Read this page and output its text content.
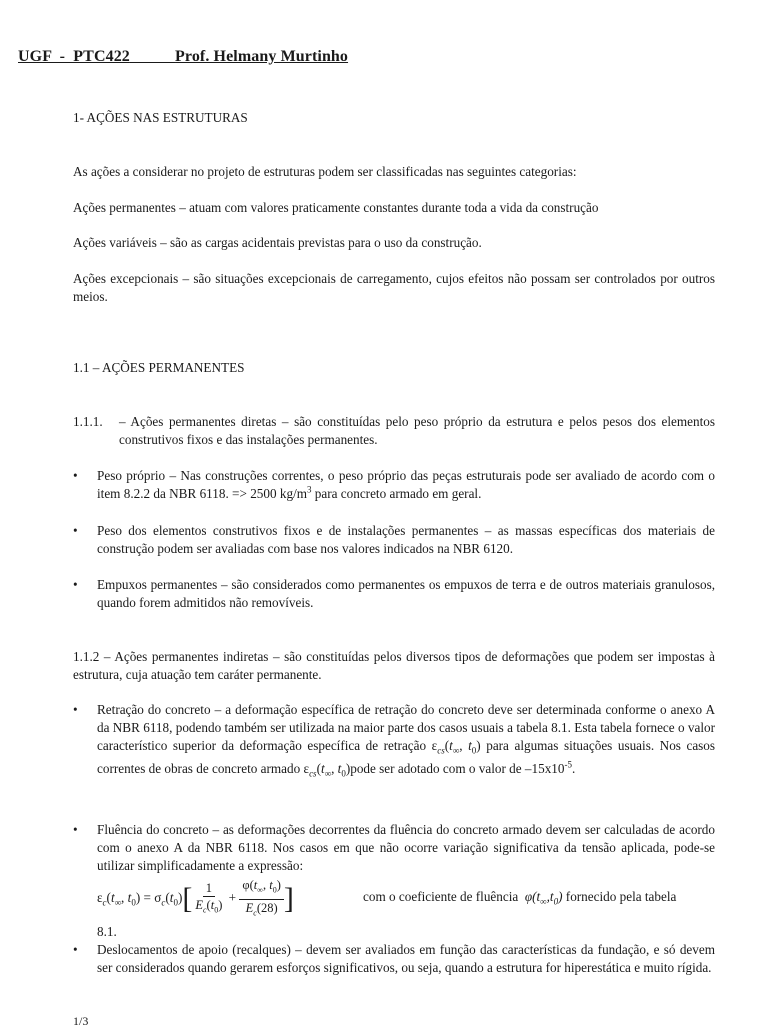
UGF  -  PTC422	Prof. Helmany Murtinho
1- AÇÕES NAS ESTRUTURAS
As ações a considerar no projeto de estruturas podem ser classificadas nas seguintes categorias:
Ações permanentes – atuam com valores praticamente constantes durante toda a vida da construção
Ações variáveis – são as cargas acidentais previstas para o uso da construção.
Ações excepcionais – são situações excepcionais de carregamento, cujos efeitos não possam ser controlados por outros meios.
1.1 – AÇÕES PERMANENTES
1.1.1.	– Ações permanentes diretas – são constituídas pelo peso próprio da estrutura e pelos pesos dos elementos construtivos fixos e das instalações permanentes.
• Peso próprio – Nas construções correntes, o peso próprio das peças estruturais pode ser avaliado de acordo com o item 8.2.2 da NBR 6118. => 2500 $kg/m^3$ para concreto armado em geral.
• Peso dos elementos construtivos fixos e de instalações permanentes – as massas específicas dos materiais de construção podem ser avaliadas com base nos valores indicados na NBR 6120.
• Empuxos permanentes – são considerados como permanentes os empuxos de terra e de outros materiais granulosos, quando forem admitidos não removíveis.
1.1.2 – Ações permanentes indiretas – são constituídas pelos diversos tipos de deformações que podem ser impostas à estrutura, cuja atuação tem caráter permanente.
• Retração do concreto – a deformação específica de retração do concreto deve ser determinada conforme o anexo A da NBR 6118, podendo também ser utilizada na maior parte dos casos usuais a tabela 8.1. Esta tabela fornece o valor característico superior da deformação específica de retração $\varepsilon_{cs}(t_\infty$, $t_0$) para algumas situações usuais. Nos casos correntes de obras de concreto armado $\varepsilon_{cs}(t_\infty$, $t_0)pode$ ser adotado com o valor de $-15x10^{-5}$.
• Fluência do concreto – as deformações decorrentes da fluência do concreto armado devem ser calculadas de acordo com o anexo A da NBR 6118. Nos casos em que não ocorre variação significativa da tensão aplicada, pode-se utilizar simplificadamente a expressão:
$\varepsilon_c(t_\infty$, $t_0) = \sigma_c(t_0)[ \frac{1}{E_c(t_0)} + \frac{\varphi(t_\infty, t_0)}{E_c(28)}$ ]	com o coeficiente de fluência $\varphi(t_\infty,t_0)$ fornecido pela tabela
8.1.
• Deslocamentos de apoio (recalques) – devem ser avaliados em função das características da fundação, e só devem ser considerados quando gerarem esforços significativos, ou seja, quando a estrutura for hiperestática e muito rígida.
1/3
